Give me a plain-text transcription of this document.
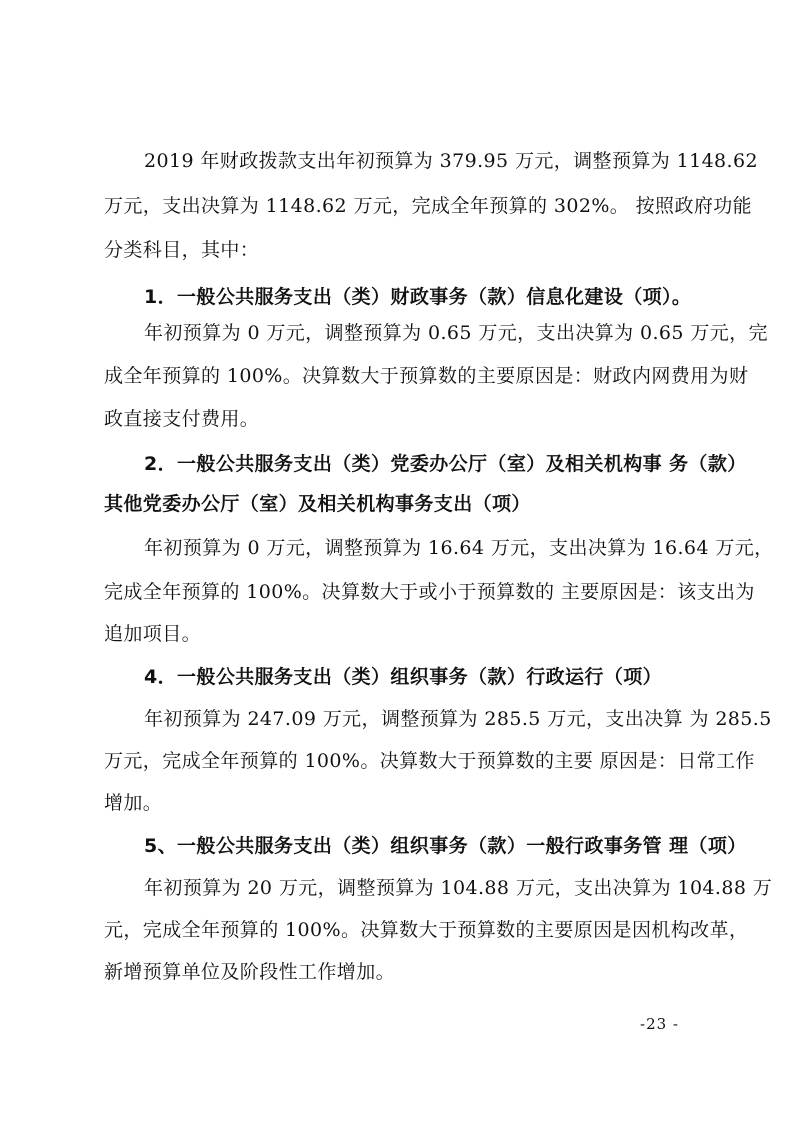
2019 年财政拨款支出年初预算为 379.95 万元，调整预算为 1148.62
万元，支出决算为 1148.62 万元，完成全年预算的 302%。 按照政府功能
分类科目，其中：
1．一般公共服务支出（类）财政事务（款）信息化建设（项）。
年初预算为 0 万元，调整预算为 0.65 万元，支出决算为 0.65 万元，完
成全年预算的 100%。决算数大于预算数的主要原因是：财政内网费用为财
政直接支付费用。
2．一般公共服务支出（类）党委办公厅（室）及相关机构事 务（款）
其他党委办公厅（室）及相关机构事务支出（项）
年初预算为 0 万元，调整预算为 16.64 万元，支出决算为 16.64 万元，
完成全年预算的 100%。决算数大于或小于预算数的 主要原因是：该支出为
追加项目。
4．一般公共服务支出（类）组织事务（款）行政运行（项）
年初预算为 247.09 万元，调整预算为 285.5 万元，支出决算 为 285.5
万元，完成全年预算的 100%。决算数大于预算数的主要 原因是：日常工作
增加。
5、一般公共服务支出（类）组织事务（款）一般行政事务管 理（项）
年初预算为 20 万元，调整预算为 104.88 万元，支出决算为 104.88 万
元，完成全年预算的 100%。决算数大于预算数的主要原因是因机构改革，
新增预算单位及阶段性工作增加。
-23 -
